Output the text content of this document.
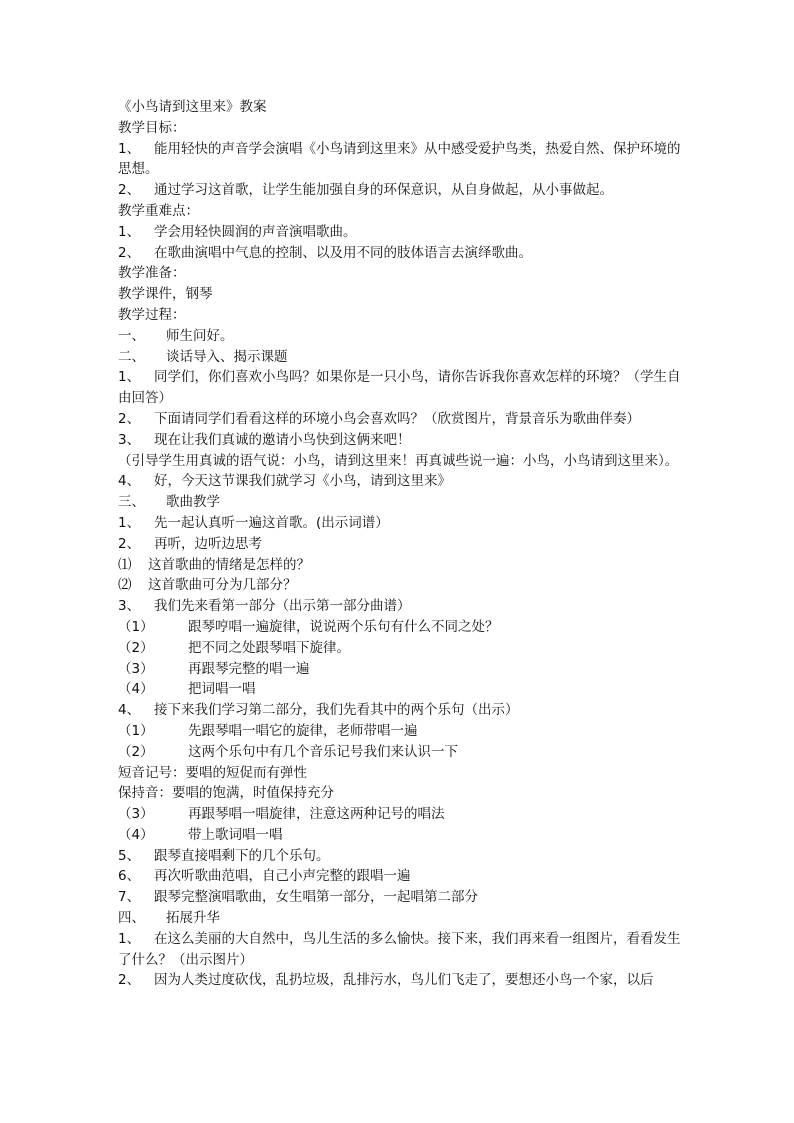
《小鸟请到这里来》教案
教学目标：
1、 能用轻快的声音学会演唱《小鸟请到这里来》从中感受爱护鸟类，热爱自然、保护环境的思想。
2、 通过学习这首歌，让学生能加强自身的环保意识，从自身做起，从小事做起。
教学重难点：
1、 学会用轻快圆润的声音演唱歌曲。
2、 在歌曲演唱中气息的控制、以及用不同的肢体语言去演绎歌曲。
教学准备：
教学课件，钢琴
教学过程：
一、 师生问好。
二、 谈话导入、揭示课题
1、 同学们，你们喜欢小鸟吗？如果你是一只小鸟，请你告诉我你喜欢怎样的环境？（学生自由回答）
2、 下面请同学们看看这样的环境小鸟会喜欢吗？（欣赏图片，背景音乐为歌曲伴奏）
3、 现在让我们真诚的邀请小鸟快到这俩来吧！
（引导学生用真诚的语气说：小鸟，请到这里来！再真诚些说一遍：小鸟，小鸟请到这里来）。
4、 好，今天这节课我们就学习《小鸟，请到这里来》
三、 歌曲教学
1、 先一起认真听一遍这首歌。(出示词谱）
2、 再听，边听边思考
⑴ 这首歌曲的情绪是怎样的？
⑵ 这首歌曲可分为几部分？
3、 我们先来看第一部分（出示第一部分曲谱）
（1）	跟琴哼唱一遍旋律，说说两个乐句有什么不同之处？
（2）	把不同之处跟琴唱下旋律。
（3）	再跟琴完整的唱一遍
（4）	把词唱一唱
4、 接下来我们学习第二部分，我们先看其中的两个乐句（出示）
（1）	先跟琴唱一唱它的旋律，老师带唱一遍
（2）	这两个乐句中有几个音乐记号我们来认识一下
短音记号：要唱的短促而有弹性
保持音：要唱的饱满，时值保持充分
（3）	再跟琴唱一唱旋律，注意这两种记号的唱法
（4）	带上歌词唱一唱
5、 跟琴直接唱剩下的几个乐句。
6、 再次听歌曲范唱，自己小声完整的跟唱一遍
7、 跟琴完整演唱歌曲，女生唱第一部分，一起唱第二部分
四、 拓展升华
1、 在这么美丽的大自然中，鸟儿生活的多么愉快。接下来，我们再来看一组图片，看看发生了什么？（出示图片）
2、 因为人类过度砍伐，乱扔垃圾，乱排污水，鸟儿们飞走了，要想还小鸟一个家，以后
